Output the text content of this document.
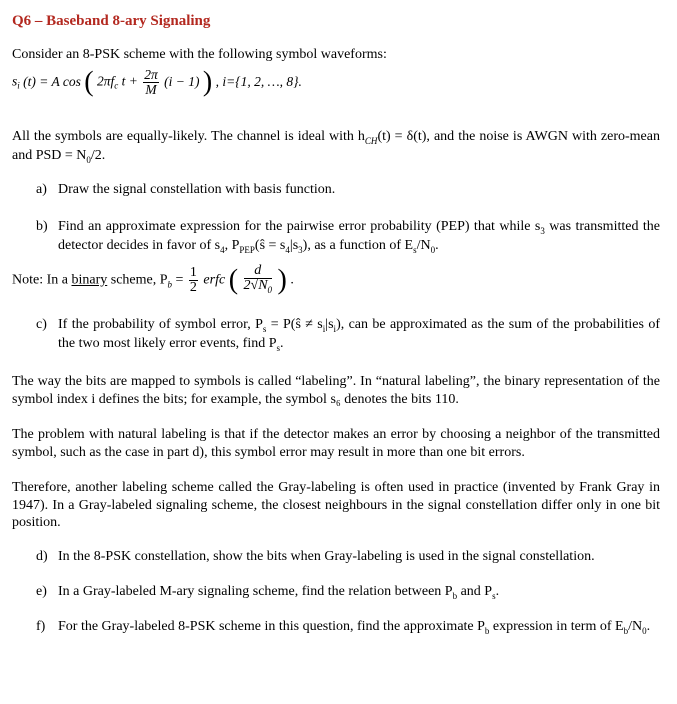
Q6 – Baseband 8-ary Signaling
Consider an 8-PSK scheme with the following symbol waveforms:
$s_i$ (t) = A cos ( $2\pi f_c$ $t + \frac{2\pi}{M} (i - 1)$ ) , i={1, 2, …, 8}.
All the symbols are equally-likely. The channel is ideal with $h_{CH}(t) = \delta(t)$, and the noise is AWGN with zero-mean and PSD = $N_0/2$.
a) Draw the signal constellation with basis function.
b) Find an approximate expression for the pairwise error probability (PEP) that while $s_3$ was transmitted the detector decides in favor of $s_4$, $P_{PEP}(ŝ = s_4|s_3)$, as a function of $E_s/N_0$.
Note: In a binary scheme, $P_b = \frac{1}{2}$ erfc ( $\frac{d}{2√N_0}$ ) .
c) If the probability of symbol error, $P_s$ = P(ŝ ≠ $s_i|s_i$), can be approximated as the sum of the probabilities of the two most likely error events, find $P_s$.
The way the bits are mapped to symbols is called “labeling”. In “natural labeling”, the binary representation of the symbol index i defines the bits; for example, the symbol s₆ denotes the bits 110.
The problem with natural labeling is that if the detector makes an error by choosing a neighbor of the transmitted symbol, such as the case in part d), this symbol error may result in more than one bit errors.
Therefore, another labeling scheme called the Gray-labeling is often used in practice (invented by Frank Gray in 1947). In a Gray-labeled signaling scheme, the closest neighbours in the signal constellation differ only in one bit position.
d) In the 8-PSK constellation, show the bits when Gray-labeling is used in the signal constellation.
e) In a Gray-labeled M-ary signaling scheme, find the relation between $P_b$ and $P_s$.
f) For the Gray-labeled 8-PSK scheme in this question, find the approximate $P_b$ expression in term of $E_b/N_0$.
